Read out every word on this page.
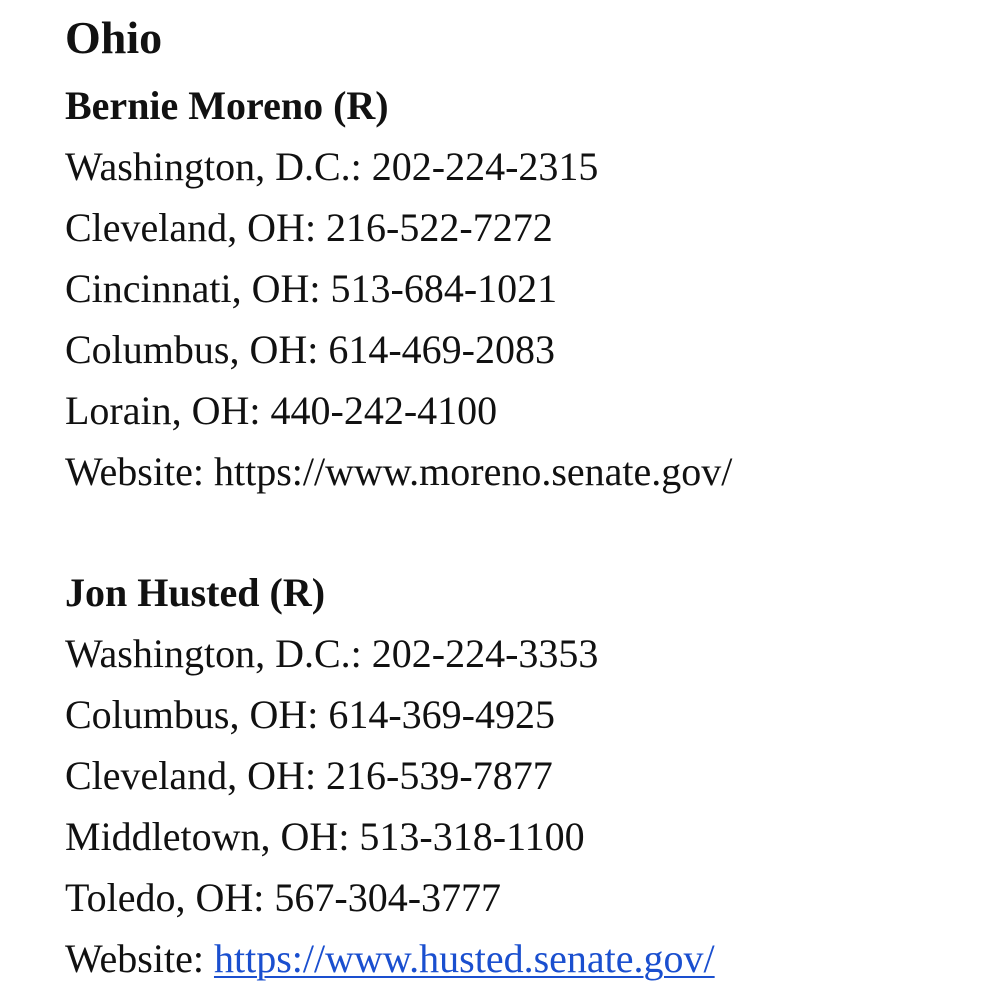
Ohio
Bernie Moreno (R)
Washington, D.C.: 202-224-2315
Cleveland, OH: 216-522-7272
Cincinnati, OH: 513-684-1021
Columbus, OH: 614-469-2083
Lorain, OH: 440-242-4100
Website: https://www.moreno.senate.gov/
Jon Husted (R)
Washington, D.C.: 202-224-3353
Columbus, OH: 614-369-4925
Cleveland, OH: 216-539-7877
Middletown, OH: 513-318-1100
Toledo, OH: 567-304-3777
Website: https://www.husted.senate.gov/
